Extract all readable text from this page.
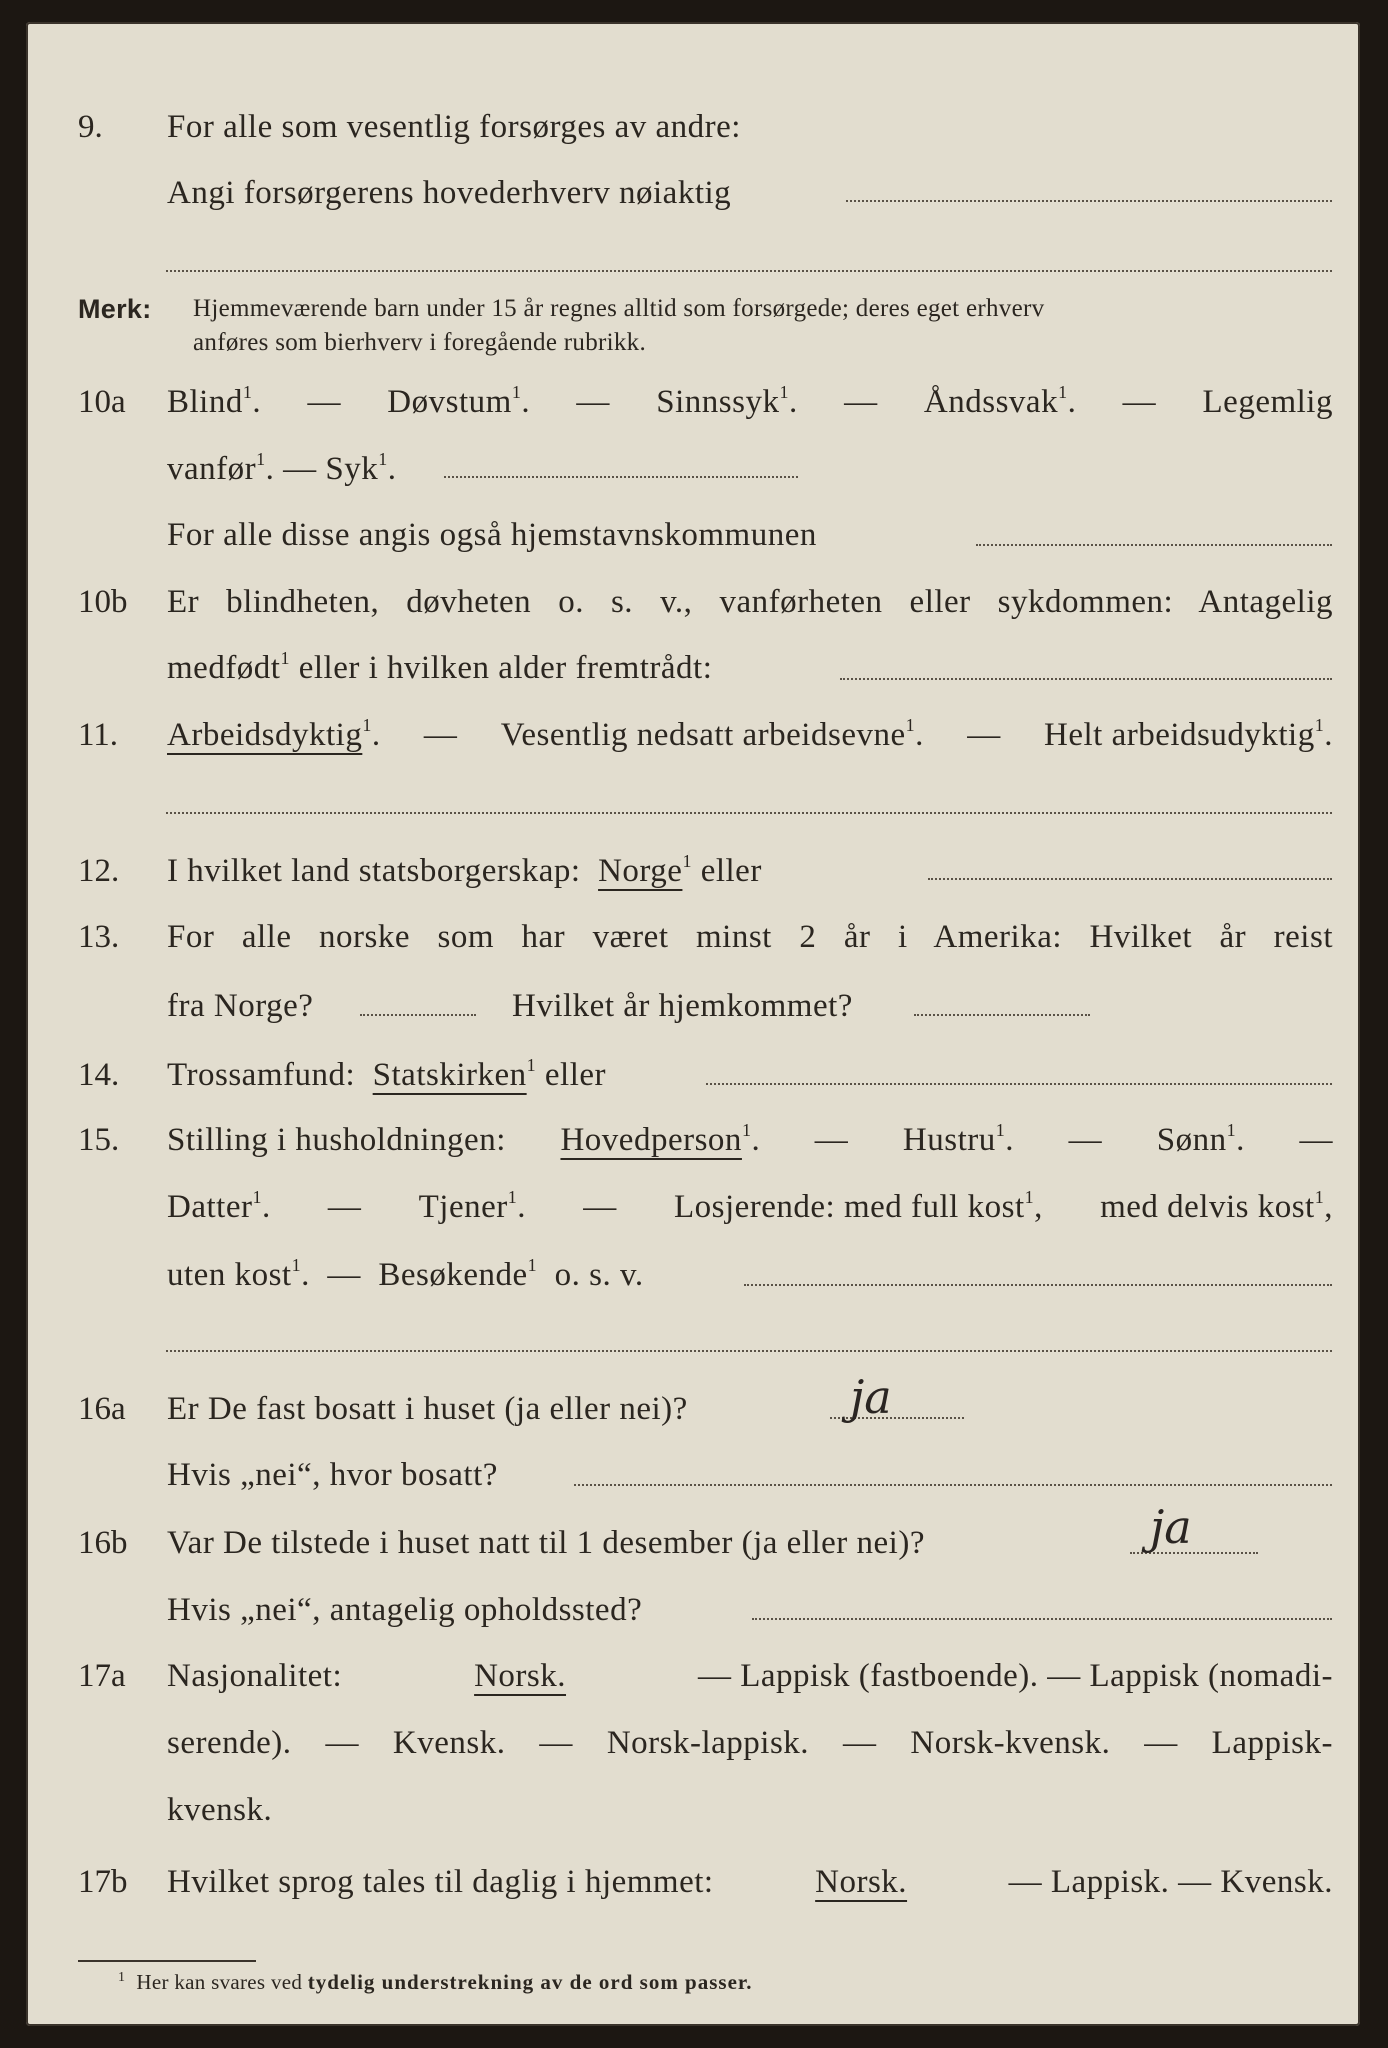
9. For alle som vesentlig forsørges av andre:
Angi forsørgerens hovederhverv nøiaktig
Merk: Hjemmeværende barn under 15 år regnes alltid som forsørgede; deres eget erhverv
anføres som bierhverv i foregående rubrikk.
10a Blind$^1$. — Døvstum$^1$. — Sinnssyk$^1$. — Åndssvak$^1$. — Legemlig
vanfør$^1$. — Syk$^1$.
For alle disse angis også hjemstavnskommunen
10b Er blindheten, døvheten o. s. v., vanførheten eller sykdommen: Antagelig
medfødt$^1$ eller i hvilken alder fremtrådt:
11. Arbeidsdyktig$^1$. — Vesentlig nedsatt arbeidsevne$^1$. — Helt arbeidsudyktig$^1$.
12. I hvilket land statsborgerskap: Norge$^1$ eller
13. For alle norske som har været minst 2 år i Amerika: Hvilket år reist
fra Norge?	Hvilket år hjemkommet?
14. Trossamfund: Statskirken$^1$ eller
15. Stilling i husholdningen: Hovedperson$^1$. — Hustru$^1$. — Sønn$^1$. —
Datter$^1$. — Tjener$^1$. — Losjerende: med full kost$^1$, med delvis kost$^1$,
uten kost$^1$.  — Besøkende$^1$ o. s. v.
16a Er De fast bosatt i huset (ja eller nei)?	ja
Hvis „nei“, hvor bosatt?
16b Var De tilstede i huset natt til 1 desember (ja eller nei)?	ja
Hvis „nei“, antagelig opholdssted?
17a Nasjonalitet:	Norsk.	— Lappisk (fastboende). — Lappisk (nomadi-
serende). — Kvensk. — Norsk-lappisk. — Norsk-kvensk. — Lappisk-
kvensk.
17b Hvilket sprog tales til daglig i hjemmet:	Norsk.	— Lappisk. — Kvensk.
$^1$ Her kan svares ved tydelig understrekning av de ord som passer.
